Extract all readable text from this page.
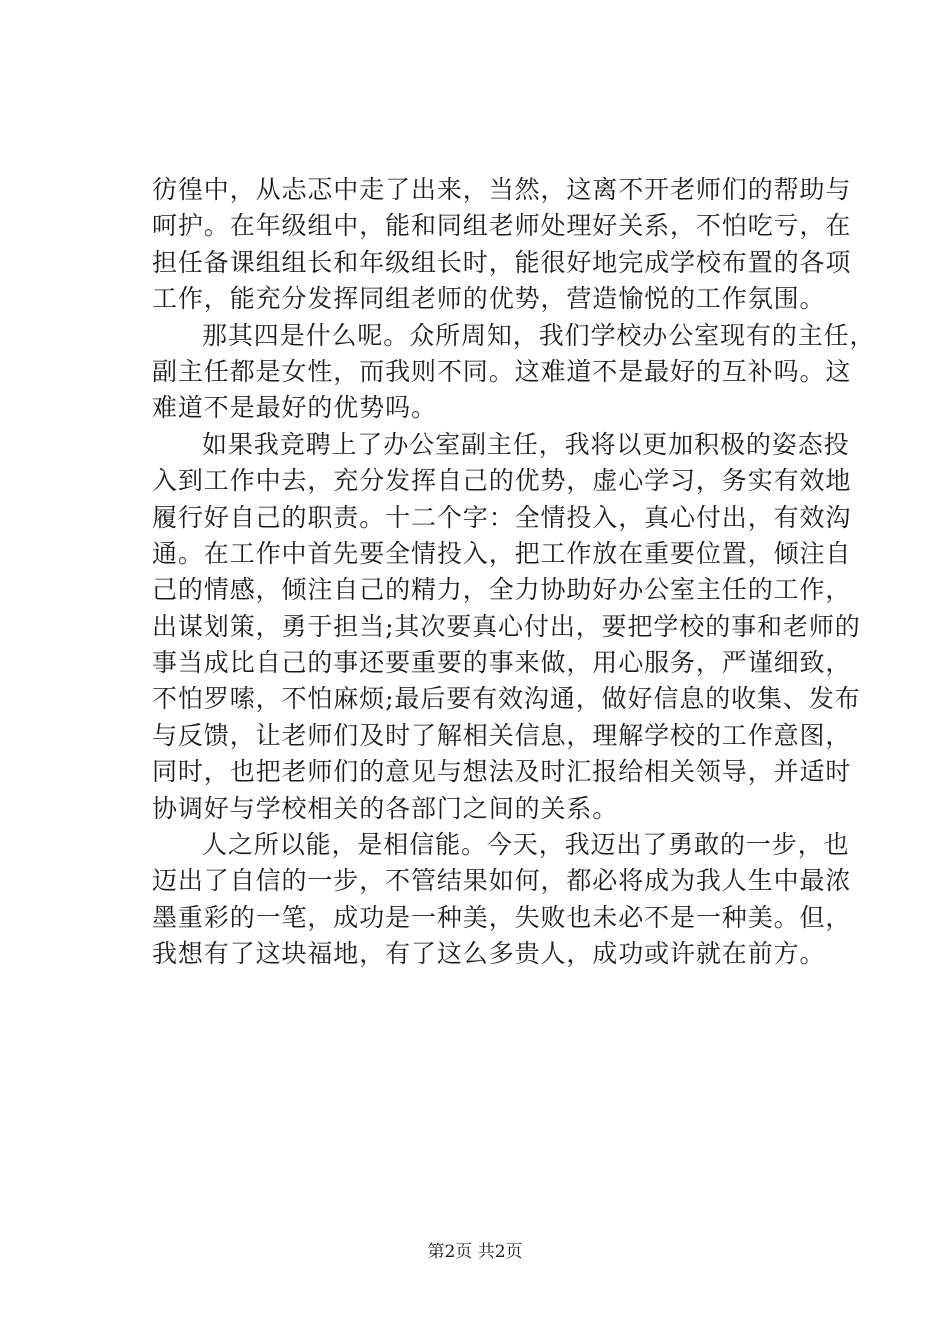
彷徨中，从忐忑中走了出来，当然，这离不开老师们的帮助与
呵护。在年级组中，能和同组老师处理好关系，不怕吃亏，在
担任备课组组长和年级组长时，能很好地完成学校布置的各项
工作，能充分发挥同组老师的优势，营造愉悦的工作氛围。
那其四是什么呢。众所周知，我们学校办公室现有的主任，
副主任都是女性，而我则不同。这难道不是最好的互补吗。这
难道不是最好的优势吗。
如果我竞聘上了办公室副主任，我将以更加积极的姿态投
入到工作中去，充分发挥自己的优势，虚心学习，务实有效地
履行好自己的职责。十二个字：全情投入，真心付出，有效沟
通。在工作中首先要全情投入，把工作放在重要位置，倾注自
己的情感，倾注自己的精力，全力协助好办公室主任的工作，
出谋划策，勇于担当;其次要真心付出，要把学校的事和老师的
事当成比自己的事还要重要的事来做，用心服务，严谨细致，
不怕罗嗦，不怕麻烦;最后要有效沟通，做好信息的收集、发布
与反馈，让老师们及时了解相关信息，理解学校的工作意图，
同时，也把老师们的意见与想法及时汇报给相关领导，并适时
协调好与学校相关的各部门之间的关系。
人之所以能，是相信能。今天，我迈出了勇敢的一步，也
迈出了自信的一步，不管结果如何，都必将成为我人生中最浓
墨重彩的一笔，成功是一种美，失败也未必不是一种美。但，
我想有了这块福地，有了这么多贵人，成功或许就在前方。
第2页 共2页
